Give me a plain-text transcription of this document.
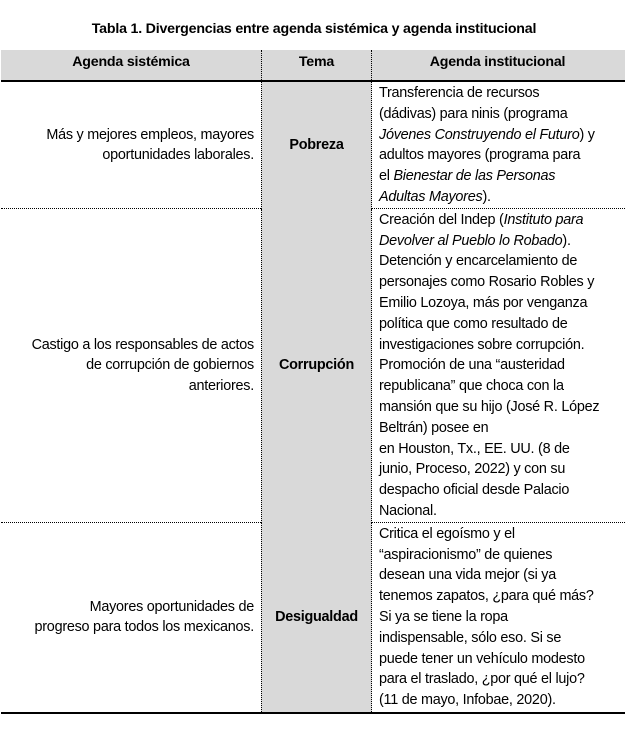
Tabla 1. Divergencias entre agenda sistémica y agenda institucional
Agenda sistémica	Tema	Agenda institucional
Más y mejores empleos, mayores
oportunidades laborales.
Pobreza
Transferencia de recursos
(dádivas) para ninis (programa
Jóvenes Construyendo el Futuro) y
adultos mayores (programa para
el Bienestar de las Personas
Adultas Mayores).
Castigo a los responsables de actos
de corrupción de gobiernos
anteriores.
Corrupción
Creación del Indep (Instituto para
Devolver al Pueblo lo Robado).
Detención y encarcelamiento de
personajes como Rosario Robles y
Emilio Lozoya, más por venganza
política que como resultado de
investigaciones sobre corrupción.
Promoción de una “austeridad
republicana” que choca con la
mansión que su hijo (José R. López
Beltrán) posee en
en Houston, Tx., EE. UU. (8 de
junio, Proceso, 2022) y con su
despacho oficial desde Palacio
Nacional.
Mayores oportunidades de
progreso para todos los mexicanos.
Desigualdad
Critica el egoísmo y el
“aspiracionismo” de quienes
desean una vida mejor (si ya
tenemos zapatos, ¿para qué más?
Si ya se tiene la ropa
indispensable, sólo eso. Si se
puede tener un vehículo modesto
para el traslado, ¿por qué el lujo?
(11 de mayo, Infobae, 2020).
